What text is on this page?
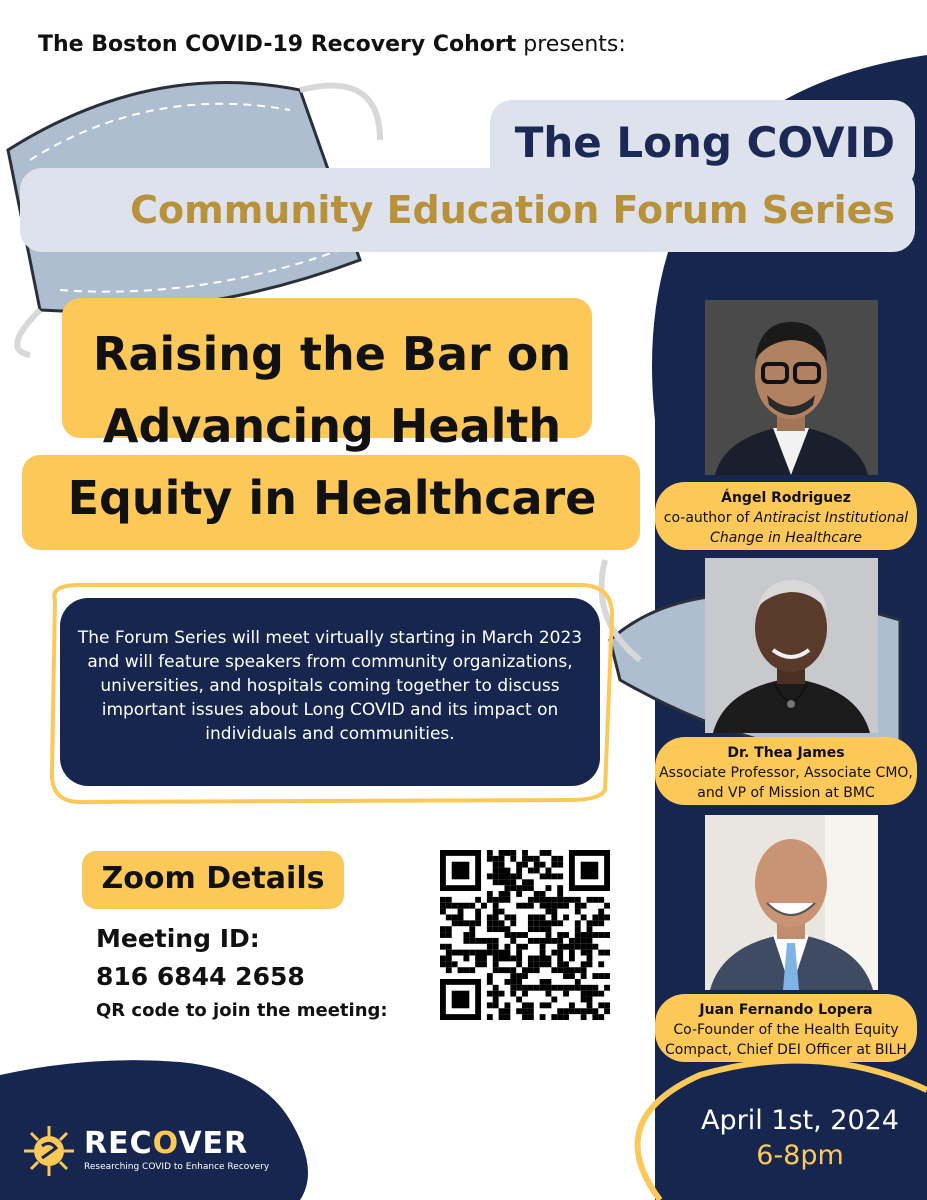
The Boston COVID-19 Recovery Cohort presents:
The Long COVID
Community Education Forum Series
Raising the Bar on
Advancing Health
Equity in Healthcare
The Forum Series will meet virtually starting in March 2023 and will feature speakers from community organizations, universities, and hospitals coming together to discuss important issues about Long COVID and its impact on individuals and communities.
Zoom Details
Meeting ID:
816 6844 2658
QR code to join the meeting:
Ángel Rodriguez
co-author of Antiracist Institutional Change in Healthcare
Dr. Thea James
Associate Professor, Associate CMO, and VP of Mission at BMC
Juan Fernando Lopera
Co-Founder of the Health Equity Compact, Chief DEI Officer at BILH
April 1st, 2024
6-8pm
RECOVER
Researching COVID to Enhance Recovery
